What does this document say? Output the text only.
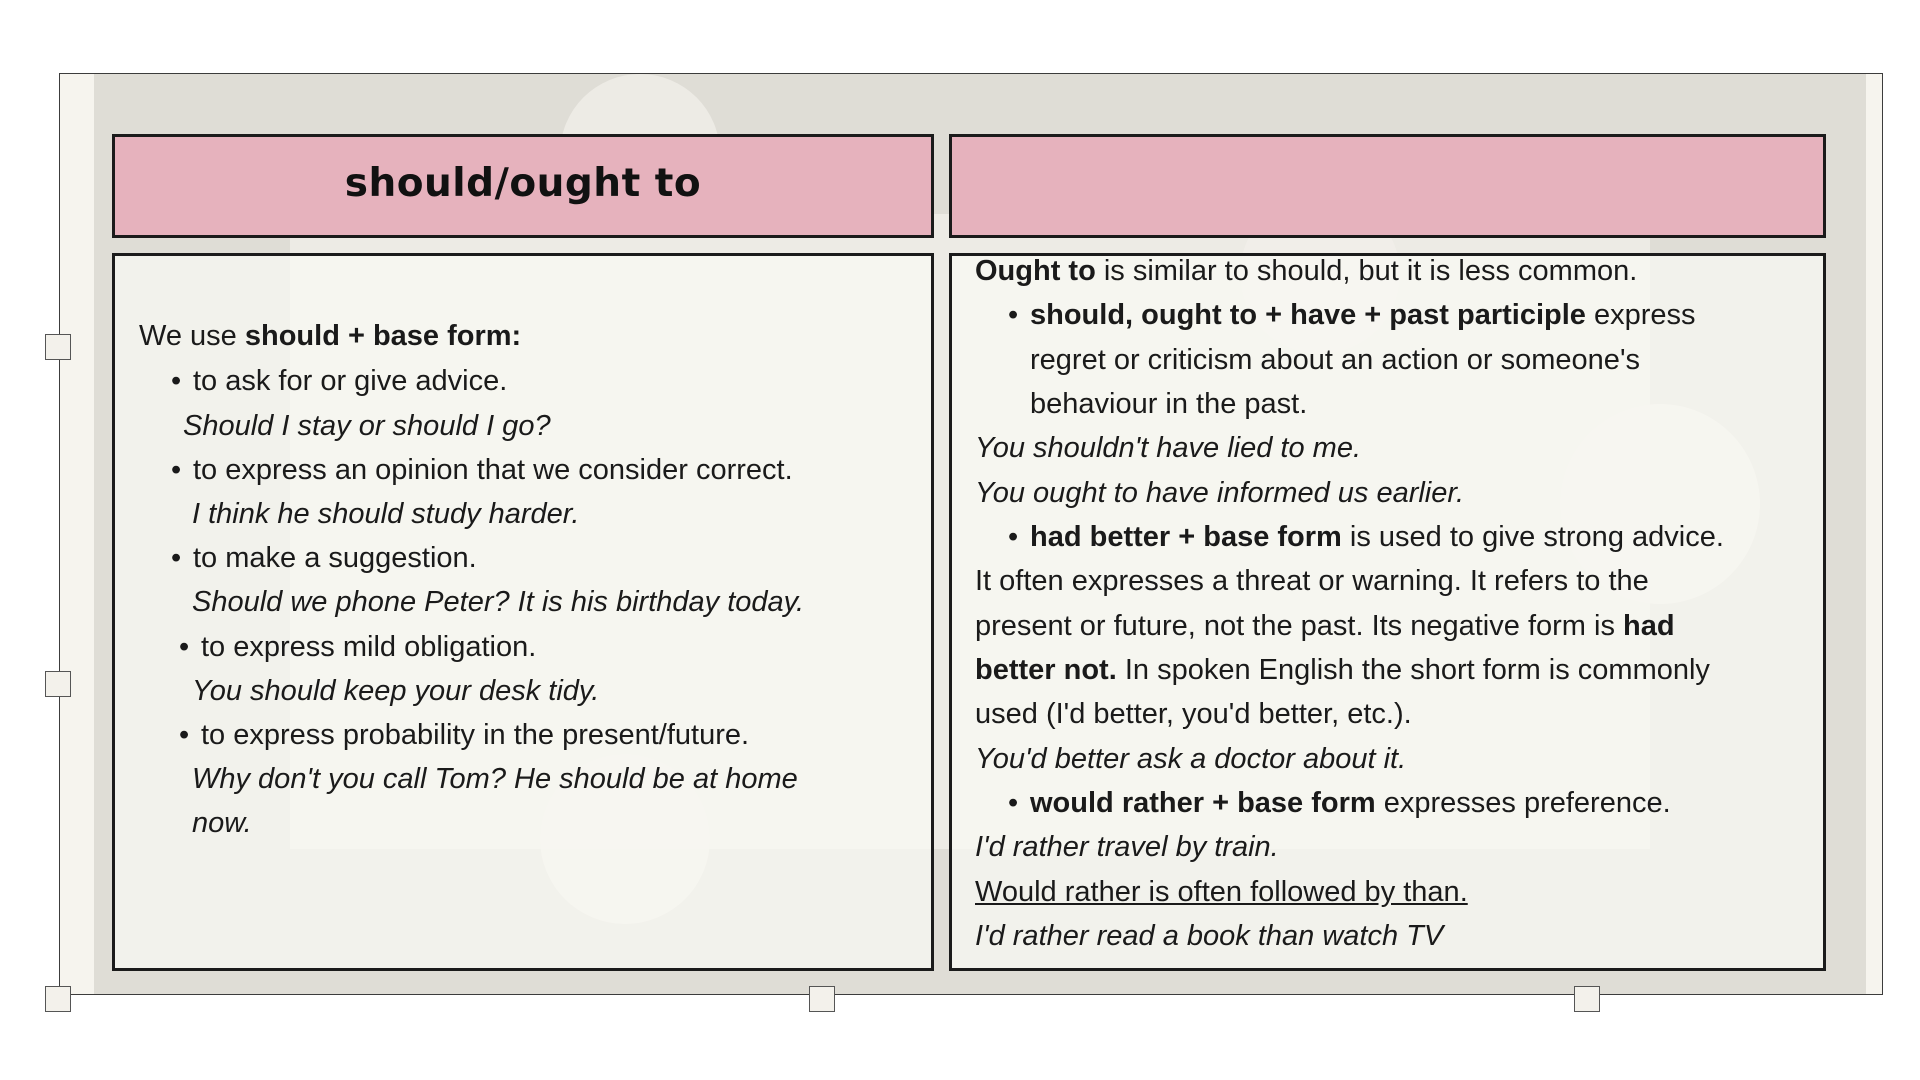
should/ought to
We use should + base form:
• to ask for or give advice.
Should I stay or should I go?
• to express an opinion that we consider correct.
I think he should study harder.
• to make a suggestion.
Should we phone Peter? It is his birthday today.
• to express mild obligation.
You should keep your desk tidy.
• to express probability in the present/future.
Why don't you call Tom? He should be at home
now.
Ought to is similar to should, but it is less common.
• should, ought to + have + past participle express
regret or criticism about an action or someone's
behaviour in the past.
You shouldn't have lied to me.
You ought to have informed us earlier.
• had better + base form is used to give strong advice.
It often expresses a threat or warning. It refers to the
present or future, not the past. Its negative form is had
better not. In spoken English the short form is commonly
used (I'd better, you'd better, etc.).
You'd better ask a doctor about it.
• would rather + base form expresses preference.
I'd rather travel by train.
Would rather is often followed by than.
I'd rather read a book than watch TV
